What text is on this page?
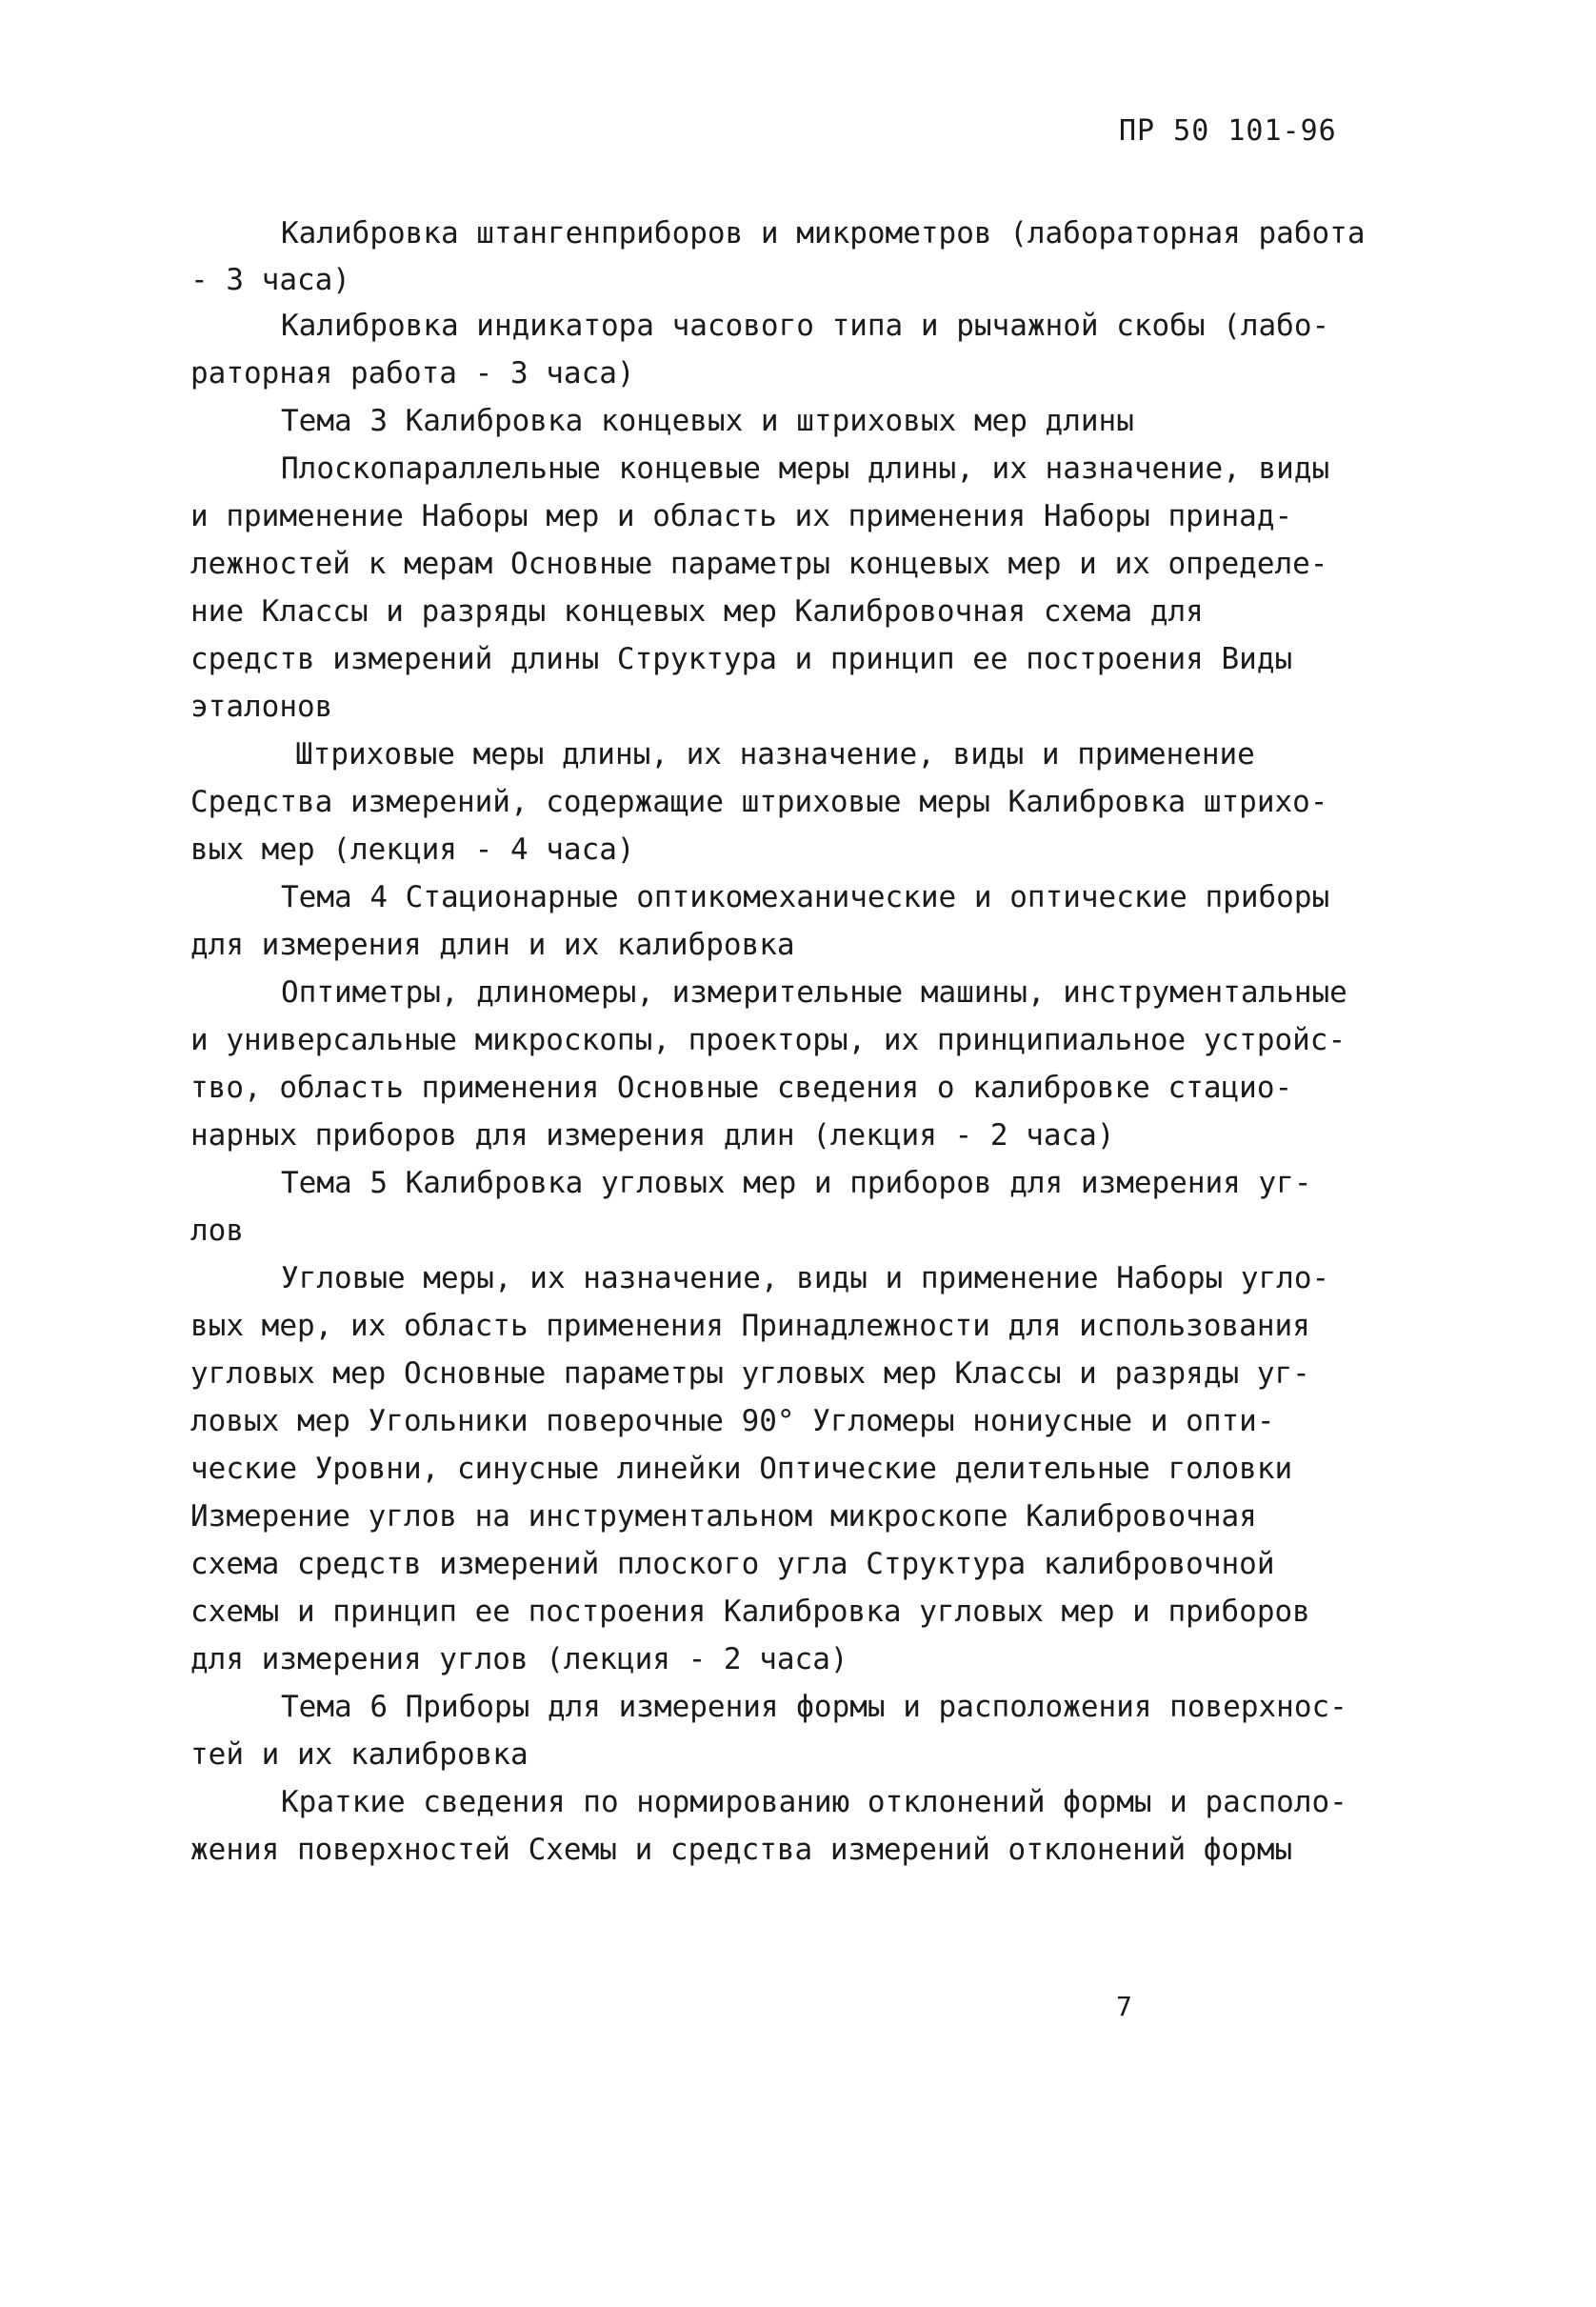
ПР 50 101-96
Калибровка штангенприборов и микрометров (лабораторная работа
- 3 часа)
Калибровка индикатора часового типа и рычажной скобы (лабо-
раторная работа - 3 часа)
Тема 3 Калибровка концевых и штриховых мер длины
Плоскопараллельные концевые меры длины, их назначение, виды
и применение Наборы мер и область их применения Наборы принад-
лежностей к мерам Основные параметры концевых мер и их определе-
ние Классы и разряды концевых мер Калибровочная схема для
средств измерений длины Структура и принцип ее построения Виды
эталонов
Штриховые меры длины, их назначение, виды и применение
Средства измерений, содержащие штриховые меры Калибровка штрихо-
вых мер (лекция - 4 часа)
Тема 4 Стационарные оптикомеханические и оптические приборы
для измерения длин и их калибровка
Оптиметры, длиномеры, измерительные машины, инструментальные
и универсальные микроскопы, проекторы, их принципиальное устройс-
тво, область применения Основные сведения о калибровке стацио-
нарных приборов для измерения длин (лекция - 2 часа)
Тема 5 Калибровка угловых мер и приборов для измерения уг-
лов
Угловые меры, их назначение, виды и применение Наборы угло-
вых мер, их область применения Принадлежности для использования
угловых мер Основные параметры угловых мер Классы и разряды уг-
ловых мер Угольники поверочные 90° Угломеры нониусные и опти-
ческие Уровни, синусные линейки Оптические делительные головки
Измерение углов на инструментальном микроскопе Калибровочная
схема средств измерений плоского угла Структура калибровочной
схемы и принцип ее построения Калибровка угловых мер и приборов
для измерения углов (лекция - 2 часа)
Тема 6 Приборы для измерения формы и расположения поверхнос-
тей и их калибровка
Краткие сведения по нормированию отклонений формы и располо-
жения поверхностей Схемы и средства измерений отклонений формы
7
